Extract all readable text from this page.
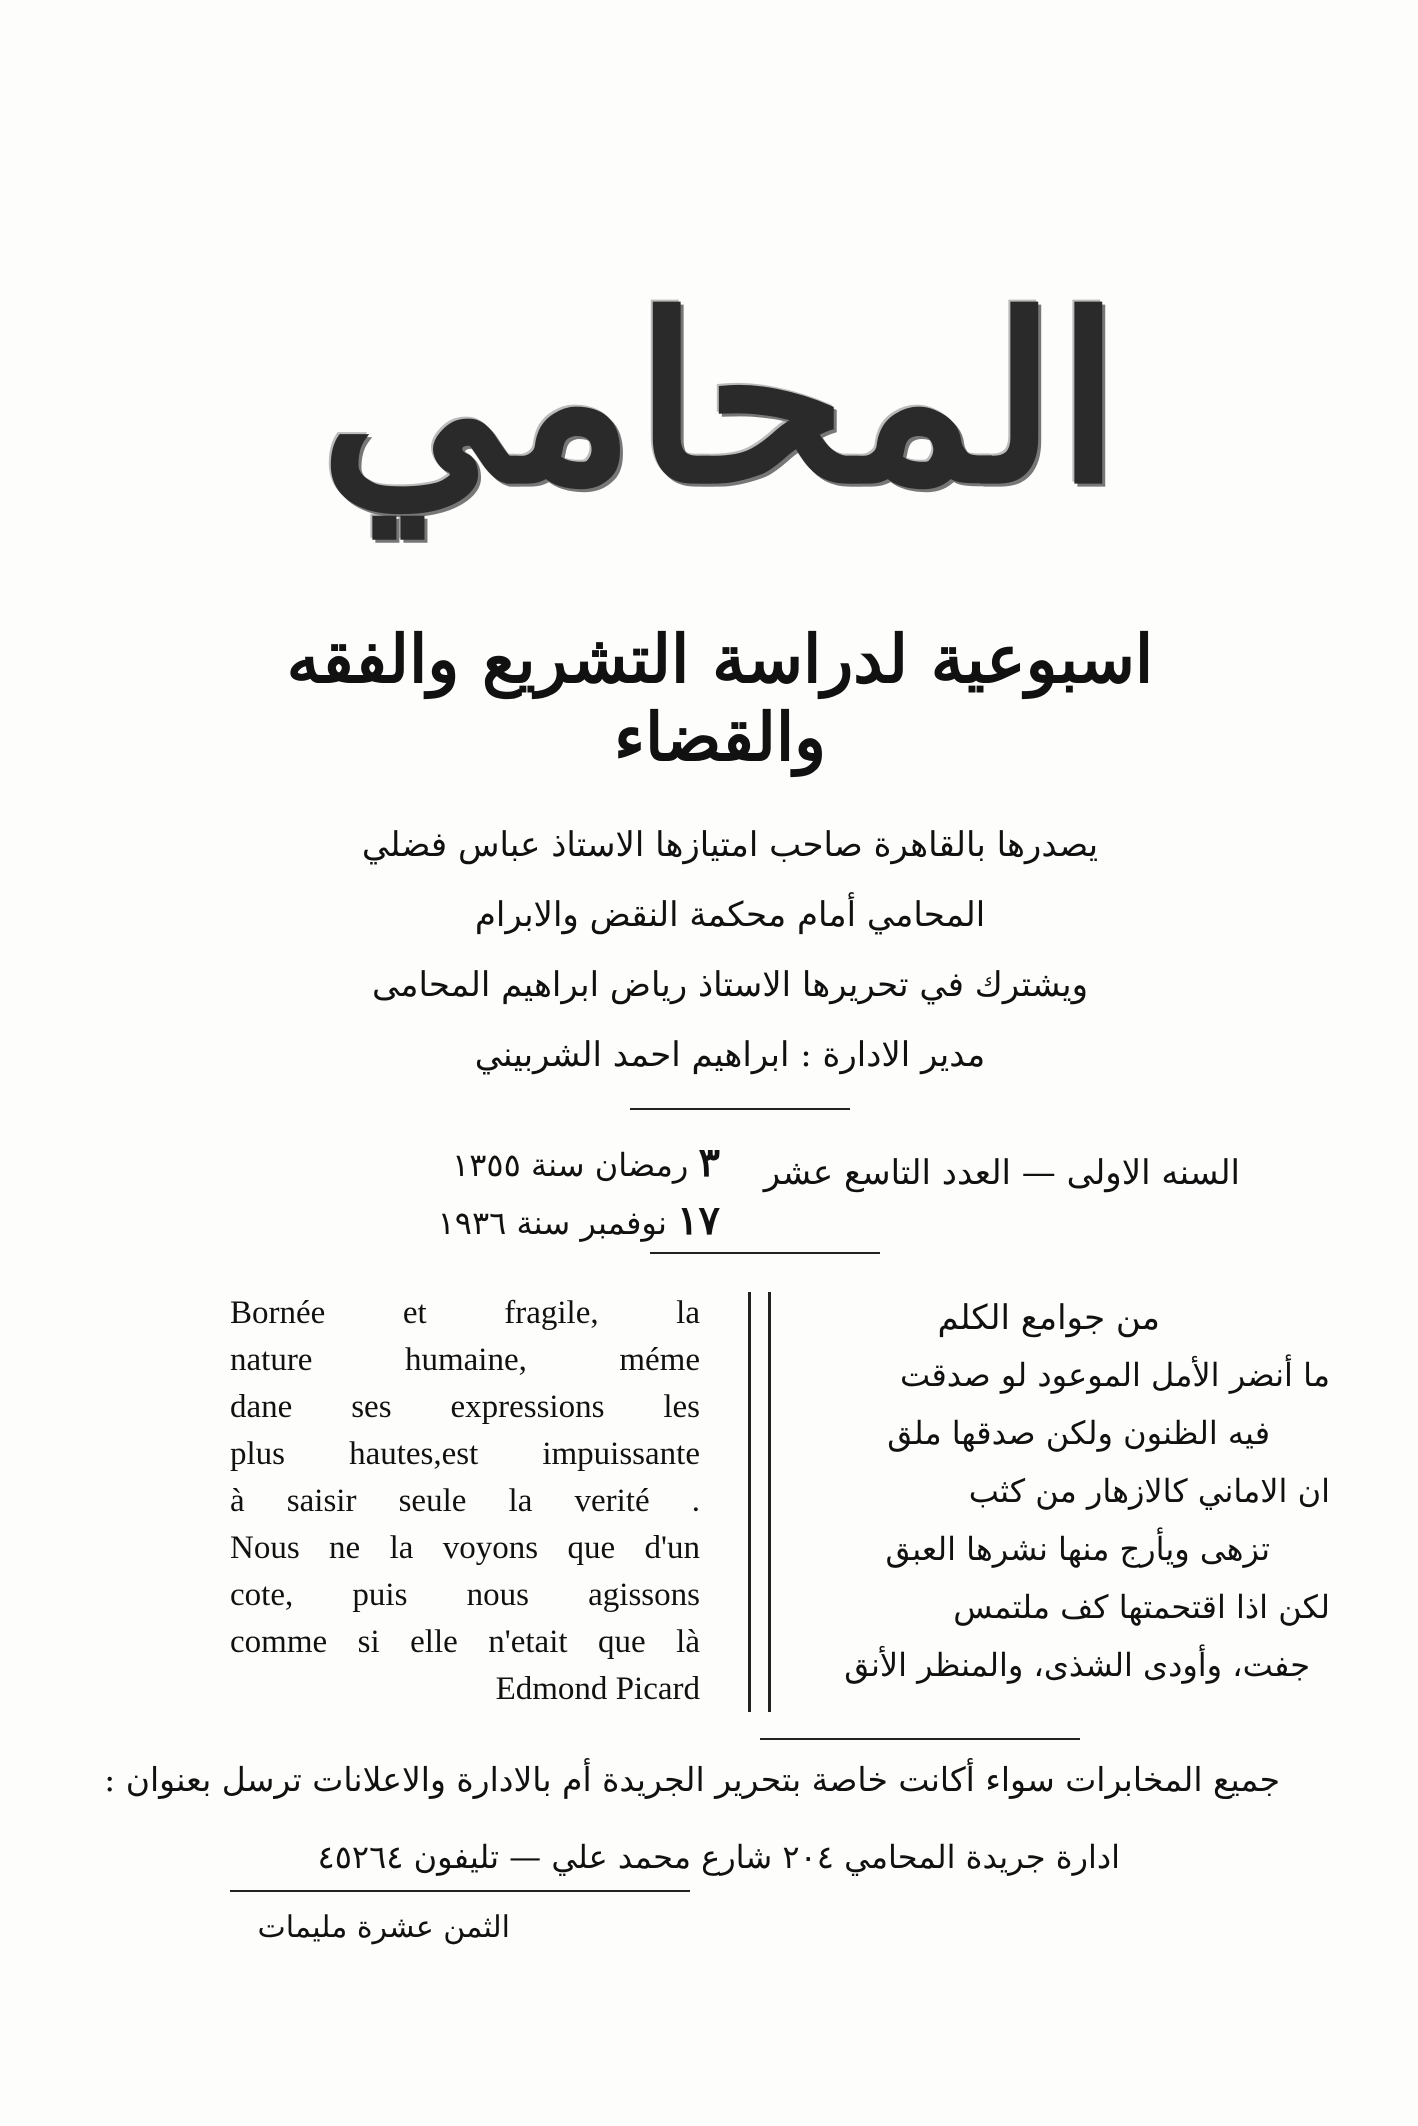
المحامي
اسبوعية لدراسة التشريع والفقه والقضاء
يصدرها بالقاهرة صاحب امتيازها الاستاذ عباس فضلي
المحامي أمام محكمة النقض والابرام
ويشترك في تحريرها الاستاذ رياض ابراهيم المحامى
مدير الادارة : ابراهيم احمد الشربيني
السنه الاولى — العدد التاسع عشر
٣ رمضان سنة ١٣٥٥
١٧ نوفمبر سنة ١٩٣٦
Bornée et fragile, la
nature humaine, méme
dane ses expressions les
plus hautes,est impuissante
à saisir seule la verité .
Nous ne la voyons que d'un
cote, puis nous agissons
comme si elle n'etait que là
Edmond Picard
من جوامع الكلم
ما أنضر الأمل الموعود لو صدقت
فيه الظنون ولكن صدقها ملق
ان الاماني كالازهار من كثب
تزهى ويأرج منها نشرها العبق
لكن اذا اقتحمتها كف ملتمس
جفت، وأودى الشذى، والمنظر الأنق
جميع المخابرات سواء أكانت خاصة بتحرير الجريدة أم بالادارة والاعلانات ترسل بعنوان :
ادارة جريدة المحامي ٢٠٤ شارع محمد علي — تليفون ٤٥٢٦٤
الثمن عشرة مليمات
